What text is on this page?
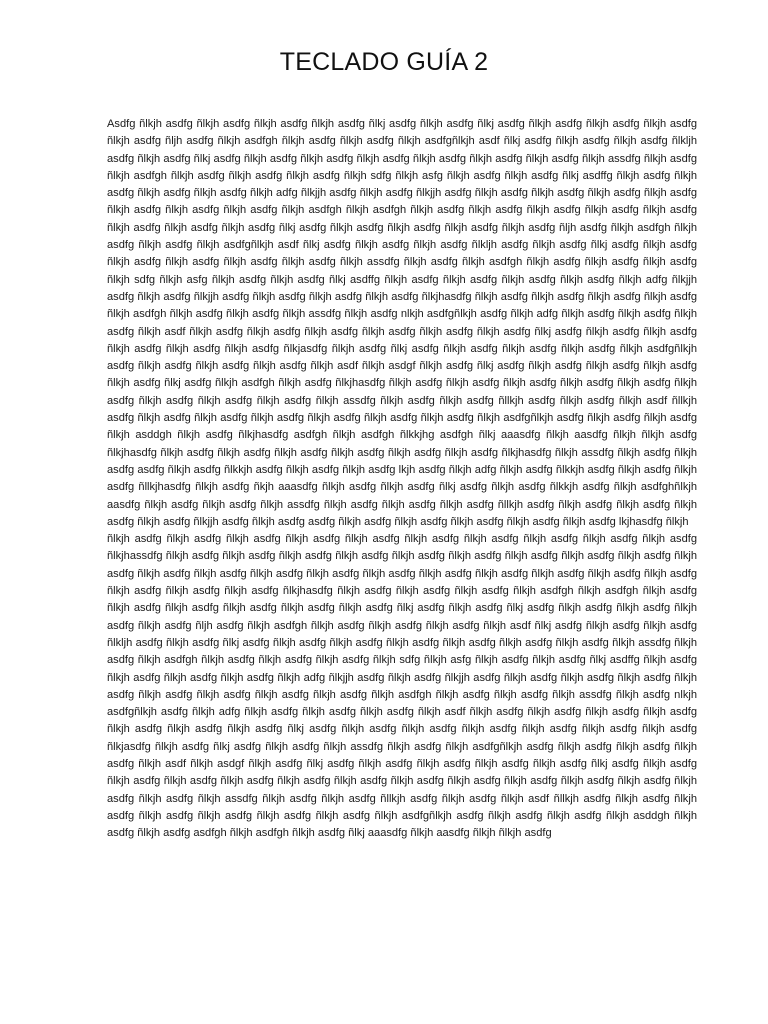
TECLADO GUÍA 2

Asdfg ñlkjh asdfg ñlkjh asdfg ñlkjh asdfg ñlkjh asdfg ñlkj asdfg ñlkjh asdfg ñlkj asdfg ñlkjh asdfg ñlkjh asdfg ñlkjh asdfg ñlkjh asdfg ñljh asdfg ñlkjh asdfgh ñlkjh asdfg ñlkjh asdfg ñlkjh asdfgñlkjh asdf ñlkj asdfg ñlkjh asdfg ñlkjh asdfg ñlkljh asdfg ñlkjh asdfg ñlkj asdfg ñlkjh asdfg ñlkjh asdfg ñlkjh asdfg ñlkjh asdfg ñlkjh asdfg ñlkjh asdfg ñlkjh assdfg ñlkjh asdfg ñlkjh asdfgh ñlkjh asdfg ñlkjh asdfg ñlkjh asdfg ñlkjh sdfg ñlkjh asfg ñlkjh asdfg ñlkjh asdfg ñlkj asdffg ñlkjh asdfg ñlkjh asdfg ñlkjh asdfg ñlkjh asdfg ñlkjh adfg ñlkjjh asdfg ñlkjh asdfg ñlkjjh asdfg ñlkjh asdfg ñlkjh asdfg ñlkjh asdfg ñlkjh asdfg ñlkjh asdfg ñlkjh asdfg ñlkjh asdfg ñlkjh asdfgh ñlkjh asdfgh ñlkjh asdfg ñlkjh asdfg ñlkjh asdfg ñlkjh asdfg ñlkjh asdfg ñlkjh asdfg ñlkjh asdfg ñlkjh asdfg ñlkj asdfg ñlkjh asdfg ñlkjh asdfg ñlkjh asdfg ñlkjh asdfg ñljh asdfg ñlkjh asdfgh ñlkjh asdfg ñlkjh asdfg ñlkjh asdfgñlkjh asdf ñlkj asdfg ñlkjh asdfg ñlkjh asdfg ñlkljh asdfg ñlkjh asdfg ñlkj asdfg ñlkjh asdfg ñlkjh asdfg ñlkjh asdfg ñlkjh asdfg ñlkjh asdfg ñlkjh assdfg ñlkjh asdfg ñlkjh asdfgh ñlkjh asdfg ñlkjh asdfg ñlkjh asdfg ñlkjh sdfg ñlkjh asfg ñlkjh asdfg ñlkjh asdfg ñlkj asdffg ñlkjh asdfg ñlkjh asdfg ñlkjh asdfg ñlkjh asdfg ñlkjh adfg ñlkjjh asdfg ñlkjh asdfg ñlkjjh asdfg ñlkjh asdfg ñlkjh asdfg ñlkjh asdfg ñlkjhasdfg ñlkjh asdfg ñlkjh asdfg ñlkjh asdfg ñlkjh asdfg ñlkjh asdfgh ñlkjh asdfg ñlkjh asdfg ñlkjh assdfg ñlkjh asdfg nlkjh asdfgñlkjh asdfg ñlkjh adfg ñlkjh asdfg ñlkjh asdfg ñlkjh asdfg ñlkjh asdf ñlkjh asdfg ñlkjh asdfg ñlkjh asdfg ñlkjh asdfg ñlkjh asdfg ñlkjh asdfg ñlkj asdfg ñlkjh asdfg ñlkjh asdfg ñlkjh asdfg ñlkjh asdfg ñlkjh asdfg ñlkjasdfg ñlkjh asdfg ñlkj asdfg ñlkjh asdfg ñlkjh asdfg ñlkjh asdfg ñlkjh asdfgñlkjh asdfg ñlkjh asdfg ñlkjh asdfg ñlkjh asdfg ñlkjh asdf ñlkjh asdgf ñlkjh asdfg ñlkj asdfg ñlkjh asdfg ñlkjh asdfg ñlkjh asdfg ñlkjh asdfg ñlkj asdfg ñlkjh asdfgh ñlkjh asdfg ñlkjhasdfg ñlkjh asdfg ñlkjh asdfg ñlkjh asdfg ñlkjh asdfg ñlkjh asdfg ñlkjh asdfg ñlkjh asdfg ñlkjh asdfg ñlkjh asdfg ñlkjh assdfg ñlkjh asdfg ñlkjh asdfg ñllkjh asdfg ñlkjh asdfg ñlkjh asdf ñllkjh asdfg ñlkjh asdfg ñlkjh asdfg ñlkjh asdfg ñlkjh asdfg ñlkjh asdfg ñlkjh asdfg ñlkjh asdfgñlkjh asdfg ñlkjh asdfg ñlkjh asdfg ñlkjh asddgh ñlkjh asdfg ñlkjhasdfg asdfgh ñlkjh asdfgh ñlkkjhg asdfgh ñlkj aaasdfg ñlkjh aasdfg ñlkjh ñlkjh asdfg ñlkjhasdfg ñlkjh asdfg ñlkjh asdfg ñlkjh asdfg ñlkjh asdfg ñlkjh asdfg ñlkjh asdfg ñlkjhasdfg ñlkjh assdfg ñlkjh asdfg ñlkjh asdfg asdfg ñlkjh asdfg ñlkkjh asdfg ñlkjh asdfg ñlkjh asdfg lkjh asdfg ñlkjh adfg ñlkjh asdfg ñlkkjh asdfg ñlkjh asdfg ñlkjh asdfg ñllkjhasdfg ñlkjh asdfg ñkjh aaasdfg ñlkjh asdfg ñlkjh asdfg ñlkj asdfg ñlkjh asdfg ñlkkjh asdfg ñlkjh asdfghñlkjh aasdfg ñlkjh asdfg ñlkjh asdfg ñlkjh assdfg ñlkjh asdfg ñlkjh asdfg ñlkjh asdfg ñllkjh asdfg ñlkjh asdfg ñlkjh asdfg ñlkjh asdfg ñlkjh asdfg ñlkjjh asdfg ñlkjh asdfg asdfg ñlkjh asdfg ñlkjh asdfg ñlkjh asdfg ñlkjh asdfg ñlkjh asdfg lkjhasdfg ñlkjh

ñlkjh asdfg ñlkjh asdfg ñlkjh asdfg ñlkjh asdfg ñlkjh asdfg ñlkjh asdfg ñlkjh asdfg ñlkjh asdfg ñlkjh asdfg ñlkjh asdfg ñlkjhassdfg ñlkjh asdfg ñlkjh asdfg ñlkjh asdfg ñlkjh asdfg ñlkjh asdfg ñlkjh asdfg ñlkjh asdfg ñlkjh asdfg ñlkjh asdfg ñlkjh asdfg ñlkjh asdfg ñlkjh asdfg ñlkjh asdfg ñlkjh asdfg ñlkjh asdfg ñlkjh asdfg ñlkjh asdfg ñlkjh asdfg ñlkjh asdfg ñlkjh asdfg ñlkjh asdfg ñlkjh asdfg ñlkjh asdfg ñlkjhasdfg ñlkjh asdfg ñlkjh asdfg ñlkjh asdfg ñlkjh asdfgh ñlkjh asdfgh ñlkjh asdfg ñlkjh asdfg ñlkjh asdfg ñlkjh asdfg ñlkjh asdfg ñlkjh asdfg ñlkj asdfg ñlkjh asdfg ñlkj asdfg ñlkjh asdfg ñlkjh asdfg ñlkjh asdfg ñlkjh asdfg ñljh asdfg ñlkjh asdfgh ñlkjh asdfg ñlkjh asdfg ñlkjh asdfg ñlkjh asdf ñlkj asdfg ñlkjh asdfg ñlkjh asdfg ñlkljh asdfg ñlkjh asdfg ñlkj asdfg ñlkjh asdfg ñlkjh asdfg ñlkjh asdfg ñlkjh asdfg ñlkjh asdfg ñlkjh asdfg ñlkjh assdfg ñlkjh asdfg ñlkjh asdfgh ñlkjh asdfg ñlkjh asdfg ñlkjh asdfg ñlkjh sdfg ñlkjh asfg ñlkjh asdfg ñlkjh asdfg ñlkj asdffg ñlkjh asdfg ñlkjh asdfg ñlkjh asdfg ñlkjh asdfg ñlkjh adfg ñlkjjh asdfg ñlkjh asdfg ñlkjjh asdfg ñlkjh asdfg ñlkjh asdfg ñlkjh asdfg ñlkjh asdfg ñlkjh asdfg ñlkjh asdfg ñlkjh asdfg ñlkjh asdfg ñlkjh asdfgh ñlkjh asdfg ñlkjh asdfg ñlkjh assdfg ñlkjh asdfg nlkjh asdfgñlkjh asdfg ñlkjh adfg ñlkjh asdfg ñlkjh asdfg ñlkjh asdfg ñlkjh asdf ñlkjh asdfg ñlkjh asdfg ñlkjh asdfg ñlkjh asdfg ñlkjh asdfg ñlkjh asdfg ñlkjh asdfg ñlkj asdfg ñlkjh asdfg ñlkjh asdfg ñlkjh asdfg ñlkjh asdfg ñlkjh asdfg ñlkjh asdfg ñlkjasdfg ñlkjh asdfg ñlkj asdfg ñlkjh asdfg ñlkjh assdfg ñlkjh asdfg ñlkjh asdfgñlkjh asdfg ñlkjh asdfg ñlkjh asdfg ñlkjh asdfg ñlkjh asdf ñlkjh asdgf ñlkjh asdfg ñlkj asdfg ñlkjh asdfg ñlkjh asdfg ñlkjh asdfg ñlkjh asdfg ñlkj asdfg ñlkjh asdfg ñlkjh asdfg ñlkjh asdfg ñlkjh asdfg ñlkjh asdfg ñlkjh asdfg ñlkjh asdfg ñlkjh asdfg ñlkjh asdfg ñlkjh asdfg ñlkjh asdfg ñlkjh asdfg ñlkjh asdfg ñlkjh assdfg ñlkjh asdfg ñlkjh asdfg ñllkjh asdfg ñlkjh asdfg ñlkjh asdf ñllkjh asdfg ñlkjh asdfg ñlkjh asdfg ñlkjh asdfg ñlkjh asdfg ñlkjh asdfg ñlkjh asdfg ñlkjh asdfgñlkjh asdfg ñlkjh asdfg ñlkjh asdfg ñlkjh asddgh ñlkjh asdfg ñlkjh asdfg asdfgh ñlkjh asdfgh ñlkjh asdfg ñlkj aaasdfg ñlkjh aasdfg ñlkjh ñlkjh asdfg
